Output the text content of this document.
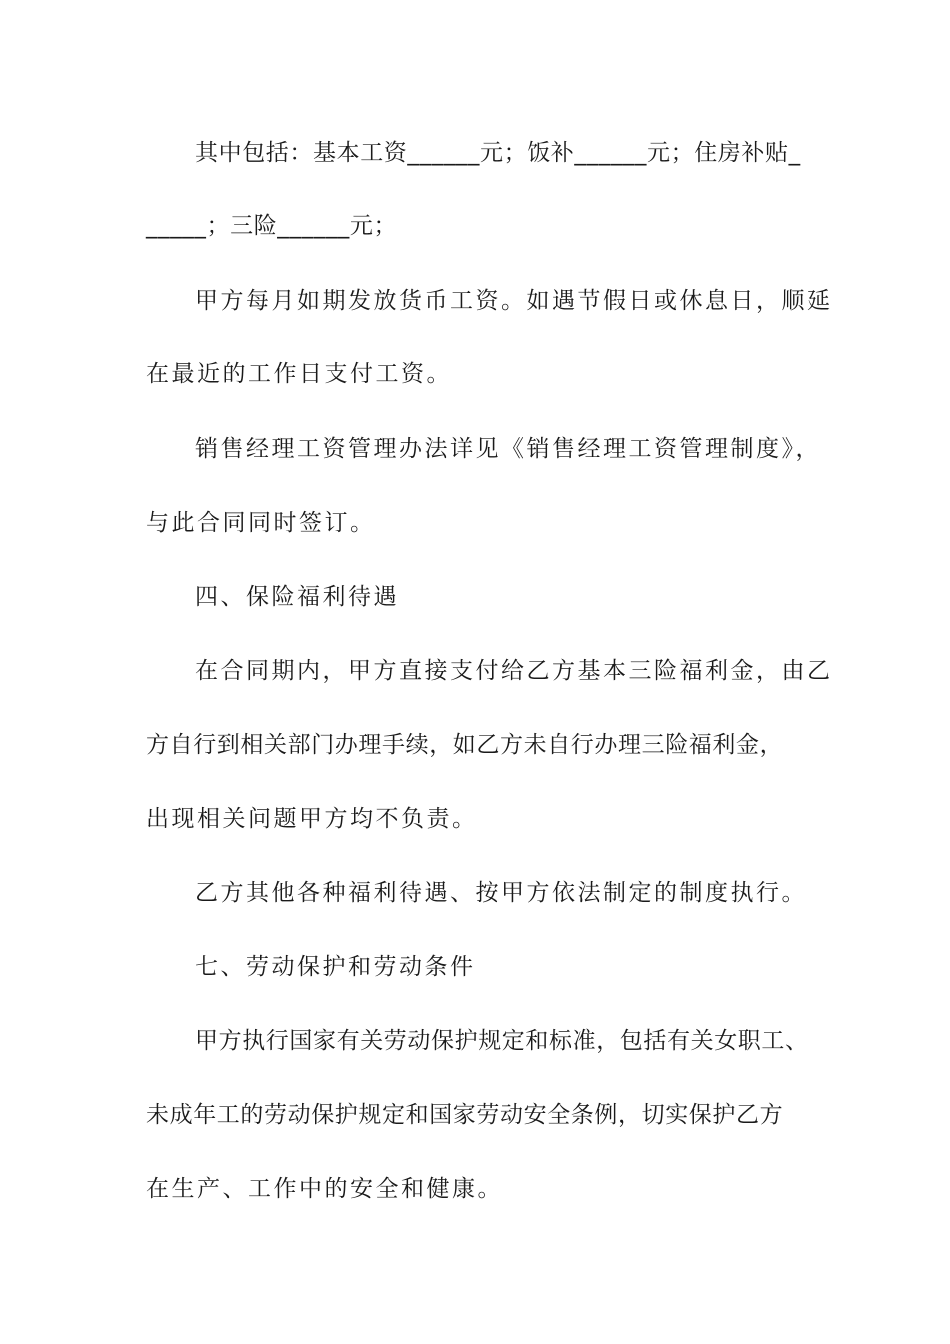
其中包括：基本工资______元；饭补______元；住房补贴_
_____；三险______元；
甲方每月如期发放货币工资。如遇节假日或休息日，顺延
在最近的工作日支付工资。
销售经理工资管理办法详见《销售经理工资管理制度》，
与此合同同时签订。
四、保险福利待遇
在合同期内，甲方直接支付给乙方基本三险福利金，由乙
方自行到相关部门办理手续，如乙方未自行办理三险福利金，
出现相关问题甲方均不负责。
乙方其他各种福利待遇、按甲方依法制定的制度执行。
七、劳动保护和劳动条件
甲方执行国家有关劳动保护规定和标准，包括有关女职工、
未成年工的劳动保护规定和国家劳动安全条例，切实保护乙方
在生产、工作中的安全和健康。
